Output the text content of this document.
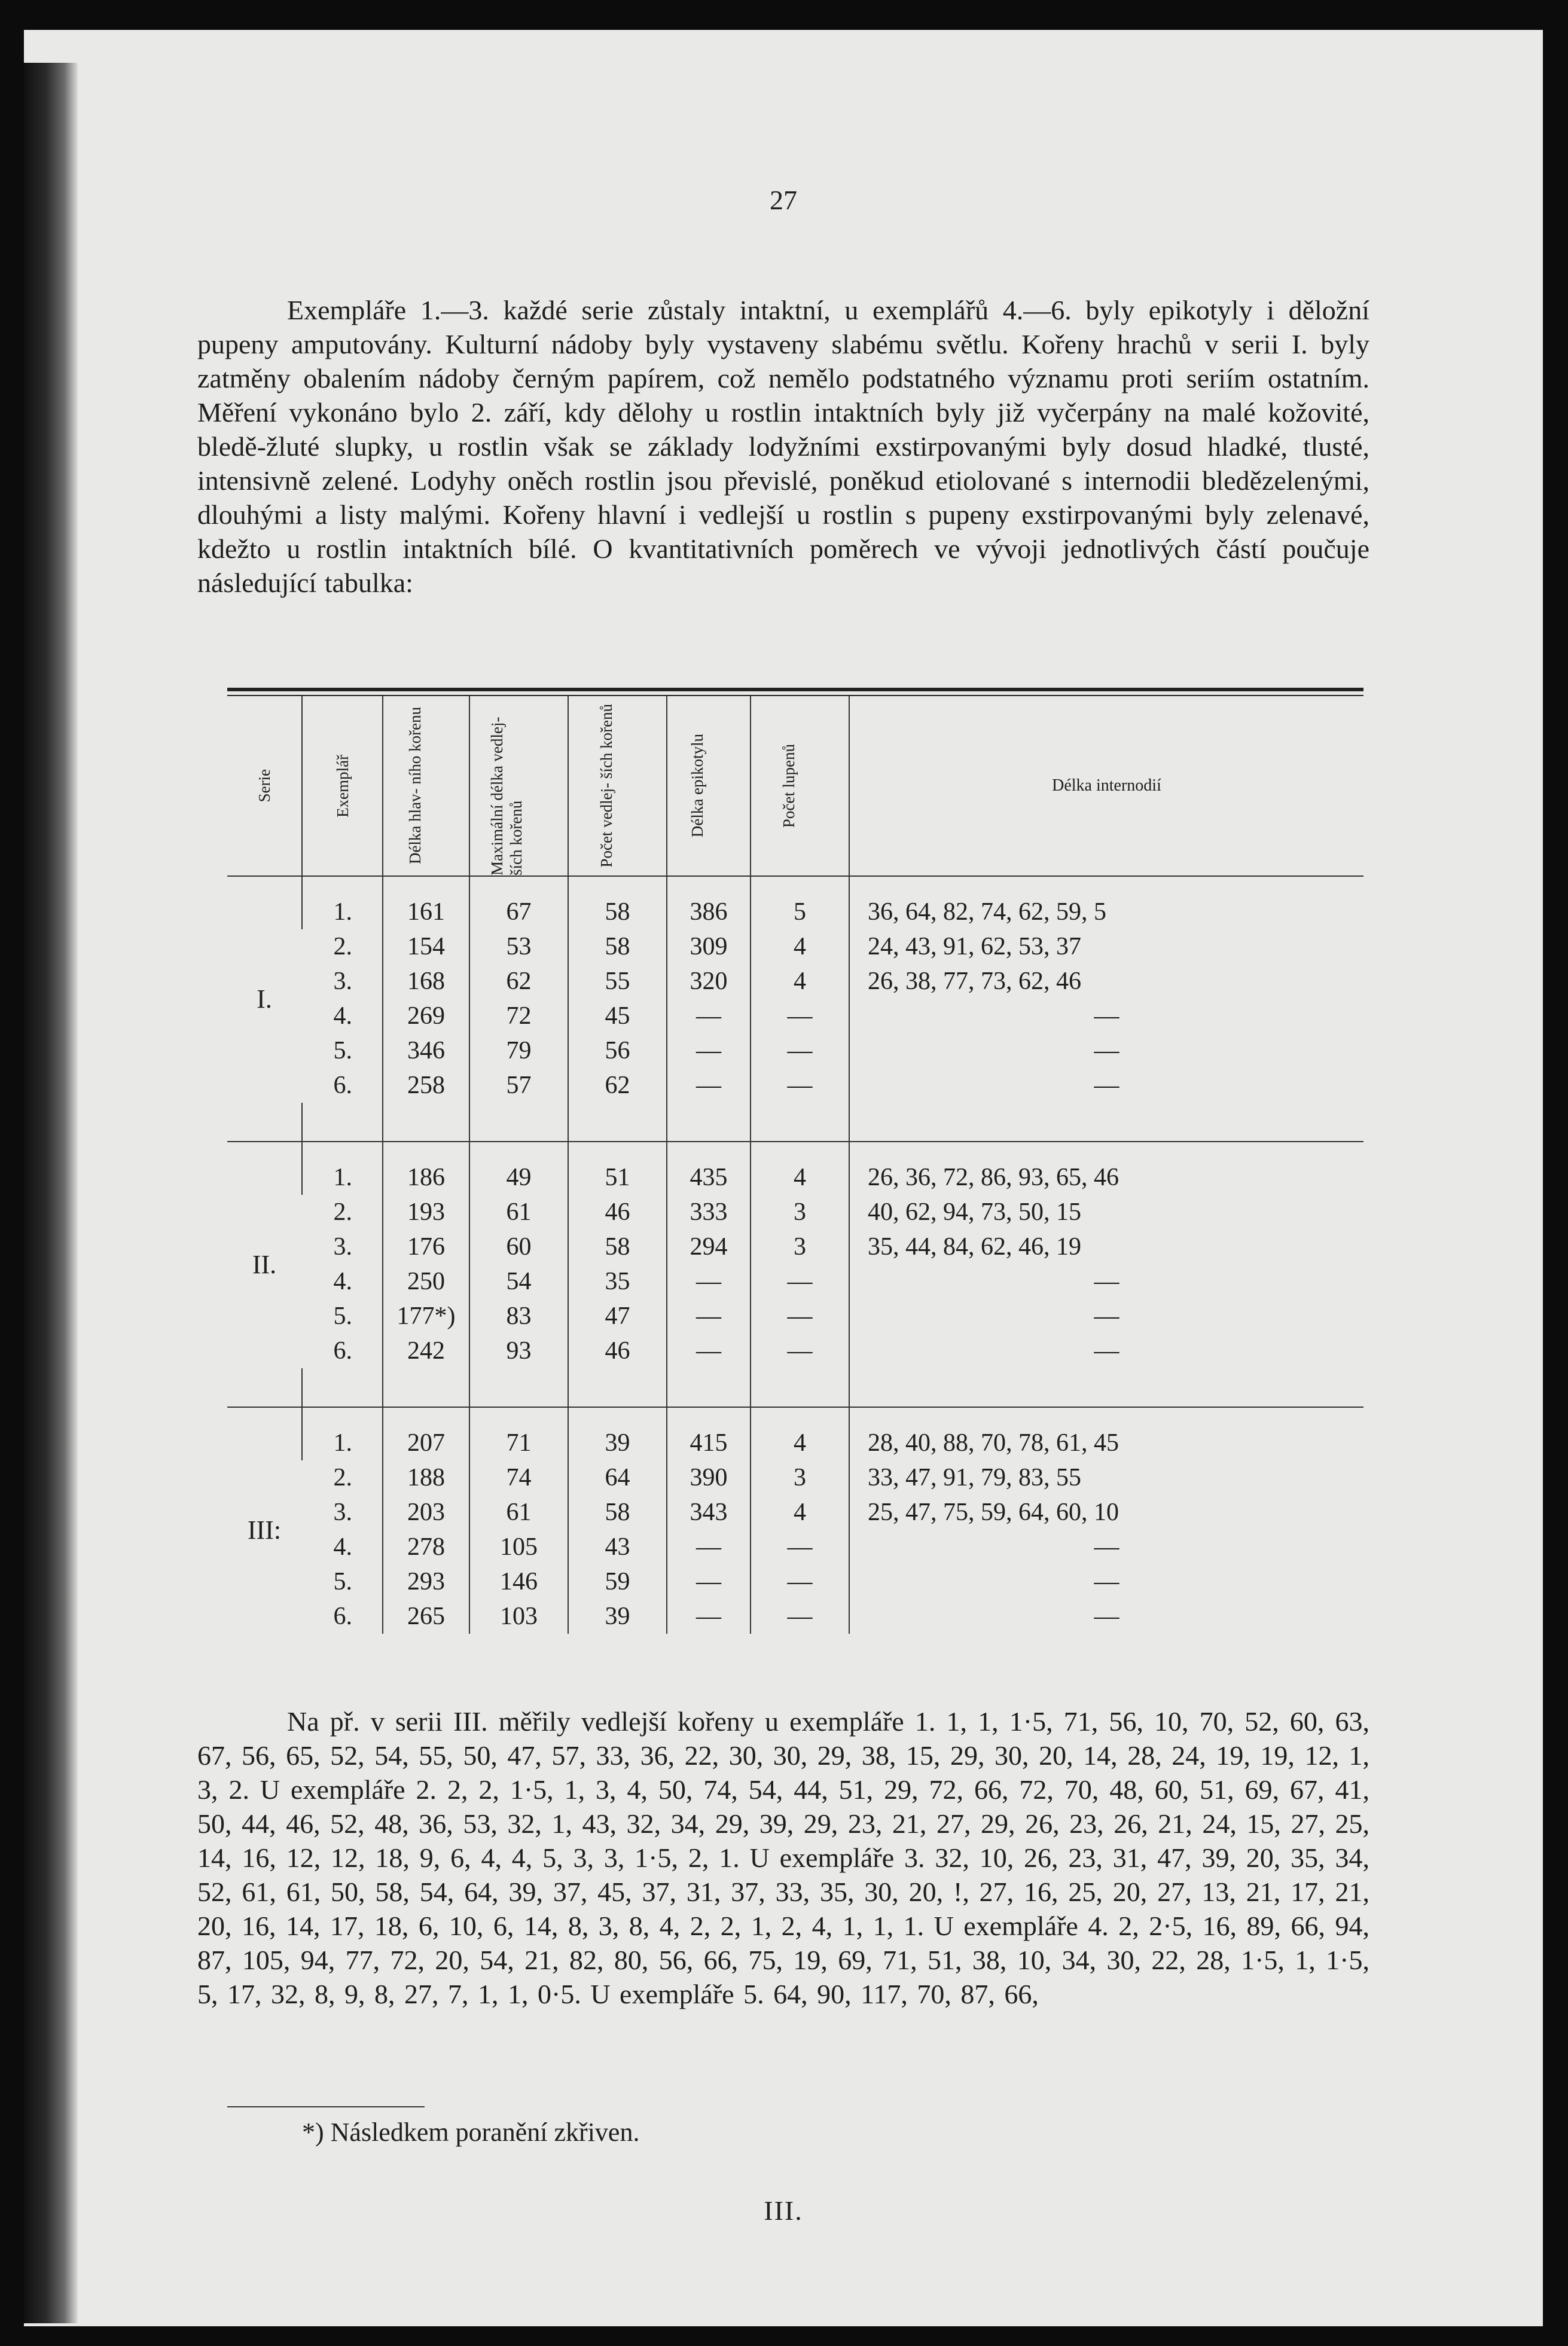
27

Exempláře 1.—3. každé serie zůstaly intaktní, u exemplářů 4.—6. byly epikotyly i děložní pupeny amputovány. Kulturní nádoby byly vystaveny slabému světlu. Kořeny hrachů v serii I. byly zatměny obalením nádoby černým papírem, což nemělo podstatného významu proti seriím ostatním. Měření vykonáno bylo 2. září, kdy dělohy u rostlin intaktních byly již vyčerpány na malé kožovité, bledě-žluté slupky, u rostlin však se základy lodyžními exstirpovanými byly dosud hladké, tlusté, intensivně zelené. Lodyhy oněch rostlin jsou převislé, poněkud etiolované s internodii bledězelenými, dlouhými a listy malými. Kořeny hlavní i vedlejší u rostlin s pupeny exstirpovanými byly zelenavé, kdežto u rostlin intaktních bílé. O kvantitativních poměrech ve vývoji jednotlivých částí poučuje následující tabulka:

Serie	Exemplář	Délka hlav- ního kořenu	Maximální délka vedlej- ších kořenů	Počet vedlej- ších kořenů	Délka epikotylu	Počet lupenů	Délka internodií

I.	1.	161	67	58	386	5	36, 64, 82, 74, 62, 59, 5
	2.	154	53	58	309	4	24, 43, 91, 62, 53, 37
	3.	168	62	55	320	4	26, 38, 77, 73, 62, 46
	4.	269	72	45	—	—	—
	5.	346	79	56	—	—	—
	6.	258	57	62	—	—	—

II.	1.	186	49	51	435	4	26, 36, 72, 86, 93, 65, 46
	2.	193	61	46	333	3	40, 62, 94, 73, 50, 15
	3.	176	60	58	294	3	35, 44, 84, 62, 46, 19
	4.	250	54	35	—	—	—
	5.	177*)	83	47	—	—	—
	6.	242	93	46	—	—	—

III:	1.	207	71	39	415	4	28, 40, 88, 70, 78, 61, 45
	2.	188	74	64	390	3	33, 47, 91, 79, 83, 55
	3.	203	61	58	343	4	25, 47, 75, 59, 64, 60, 10
	4.	278	105	43	—	—	—
	5.	293	146	59	—	—	—
	6.	265	103	39	—	—	—

Na př. v serii III. měřily vedlejší kořeny u exempláře 1. 1, 1, 1·5, 71, 56, 10, 70, 52, 60, 63, 67, 56, 65, 52, 54, 55, 50, 47, 57, 33, 36, 22, 30, 30, 29, 38, 15, 29, 30, 20, 14, 28, 24, 19, 19, 12, 1, 3, 2. U exempláře 2. 2, 2, 1·5, 1, 3, 4, 50, 74, 54, 44, 51, 29, 72, 66, 72, 70, 48, 60, 51, 69, 67, 41, 50, 44, 46, 52, 48, 36, 53, 32, 1, 43, 32, 34, 29, 39, 29, 23, 21, 27, 29, 26, 23, 26, 21, 24, 15, 27, 25, 14, 16, 12, 12, 18, 9, 6, 4, 4, 5, 3, 3, 1·5, 2, 1. U exempláře 3. 32, 10, 26, 23, 31, 47, 39, 20, 35, 34, 52, 61, 61, 50, 58, 54, 64, 39, 37, 45, 37, 31, 37, 33, 35, 30, 20, !, 27, 16, 25, 20, 27, 13, 21, 17, 21, 20, 16, 14, 17, 18, 6, 10, 6, 14, 8, 3, 8, 4, 2, 2, 1, 2, 4, 1, 1, 1. U exempláře 4. 2, 2·5, 16, 89, 66, 94, 87, 105, 94, 77, 72, 20, 54, 21, 82, 80, 56, 66, 75, 19, 69, 71, 51, 38, 10, 34, 30, 22, 28, 1·5, 1, 1·5, 5, 17, 32, 8, 9, 8, 27, 7, 1, 1, 0·5. U exempláře 5. 64, 90, 117, 70, 87, 66,

*) Následkem poranění zkřiven.
III.
